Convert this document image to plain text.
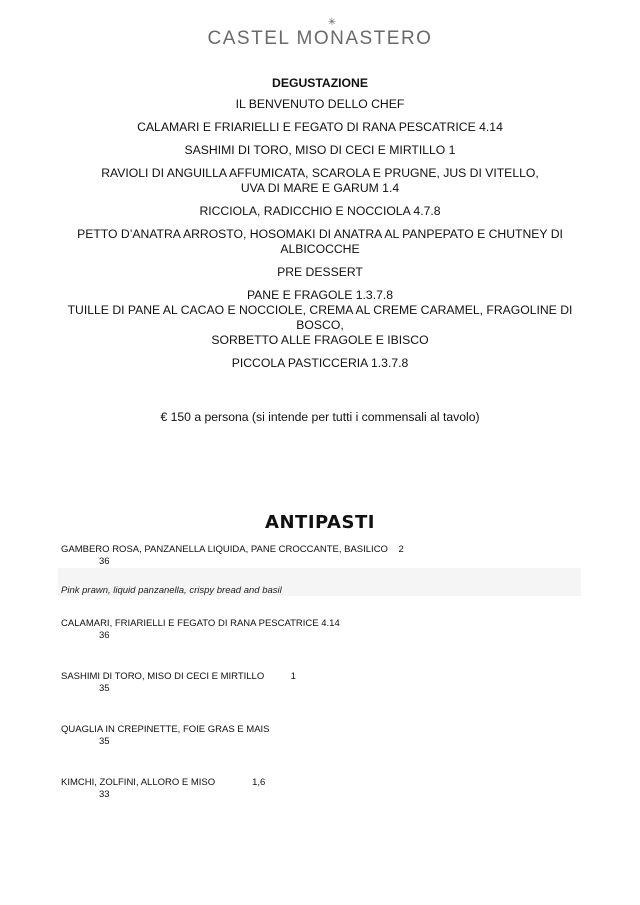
✳
CASTEL MONASTERO
DEGUSTAZIONE
IL BENVENUTO DELLO CHEF
CALAMARI E FRIARIELLI E FEGATO DI RANA PESCATRICE 4.14
SASHIMI DI TORO, MISO DI CECI E MIRTILLO 1
RAVIOLI DI ANGUILLA AFFUMICATA, SCAROLA E PRUGNE, JUS DI VITELLO,
UVA DI MARE E GARUM 1.4
RICCIOLA, RADICCHIO E NOCCIOLA 4.7.8
PETTO D’ANATRA ARROSTO, HOSOMAKI DI ANATRA AL PANPEPATO E CHUTNEY DI
ALBICOCCHE
PRE DESSERT
PANE E FRAGOLE 1.3.7.8
TUILLE DI PANE AL CACAO E NOCCIOLE, CREMA AL CREME CARAMEL, FRAGOLINE DI
BOSCO,
SORBETTO ALLE FRAGOLE E IBISCO
PICCOLA PASTICCERIA 1.3.7.8
€ 150 a persona (si intende per tutti i commensali al tavolo)
ANTIPASTI
GAMBERO ROSA, PANZANELLA LIQUIDA, PANE CROCCANTE, BASILICO    2
36
Pink prawn, liquid panzanella, crispy bread and basil
CALAMARI, FRIARIELLI E FEGATO DI RANA PESCATRICE 4.14
36
SASHIMI DI TORO, MISO DI CECI E MIRTILLO          1
35
QUAGLIA IN CREPINETTE, FOIE GRAS E MAIS
35
KIMCHI, ZOLFINI, ALLORO E MISO              1,6
33
